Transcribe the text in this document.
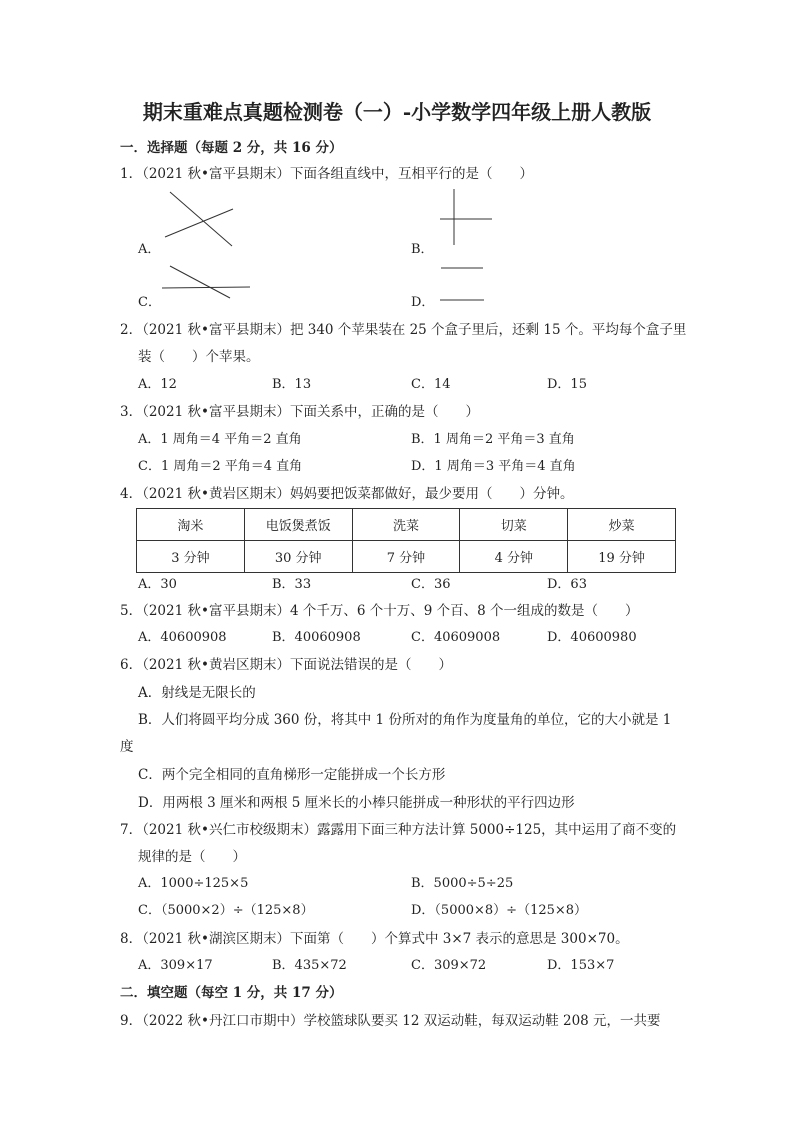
期末重难点真题检测卷（一）-小学数学四年级上册人教版
一．选择题（每题 2 分，共 16 分）
1．（2021 秋•富平县期末）下面各组直线中，互相平行的是（　　）
A．	B．
C．	D．
2．（2021 秋•富平县期末）把 340 个苹果装在 25 个盒子里后，还剩 15 个。平均每个盒子里
装（　　）个苹果。
A．12	B．13	C．14	D．15
3．（2021 秋•富平县期末）下面关系中，正确的是（　　）
A．1 周角＝4 平角＝2 直角	B．1 周角＝2 平角＝3 直角
C．1 周角＝2 平角＝4 直角	D．1 周角＝3 平角＝4 直角
4．（2021 秋•黄岩区期末）妈妈要把饭菜都做好，最少要用（　　）分钟。
淘米	电饭煲煮饭	洗菜	切菜	炒菜
3 分钟	30 分钟	7 分钟	4 分钟	19 分钟
A．30	B．33	C．36	D．63
5．（2021 秋•富平县期末）4 个千万、6 个十万、9 个百、8 个一组成的数是（　　）
A．40600908	B．40060908	C．40609008	D．40600980
6．（2021 秋•黄岩区期末）下面说法错误的是（　　）
A．射线是无限长的
B．人们将圆平均分成 360 份，将其中 1 份所对的角作为度量角的单位，它的大小就是 1
度
C．两个完全相同的直角梯形一定能拼成一个长方形
D．用两根 3 厘米和两根 5 厘米长的小棒只能拼成一种形状的平行四边形
7．（2021 秋•兴仁市校级期末）露露用下面三种方法计算 5000÷125，其中运用了商不变的
规律的是（　　）
A．1000÷125×5	B．5000÷5÷25
C．（5000×2）÷（125×8）	D．（5000×8）÷（125×8）
8．（2021 秋•湖滨区期末）下面第（　　）个算式中 3×7 表示的意思是 300×70。
A．309×17	B．435×72	C．309×72	D．153×7
二．填空题（每空 1 分，共 17 分）
9．（2022 秋•丹江口市期中）学校篮球队要买 12 双运动鞋，每双运动鞋 208 元，一共要
